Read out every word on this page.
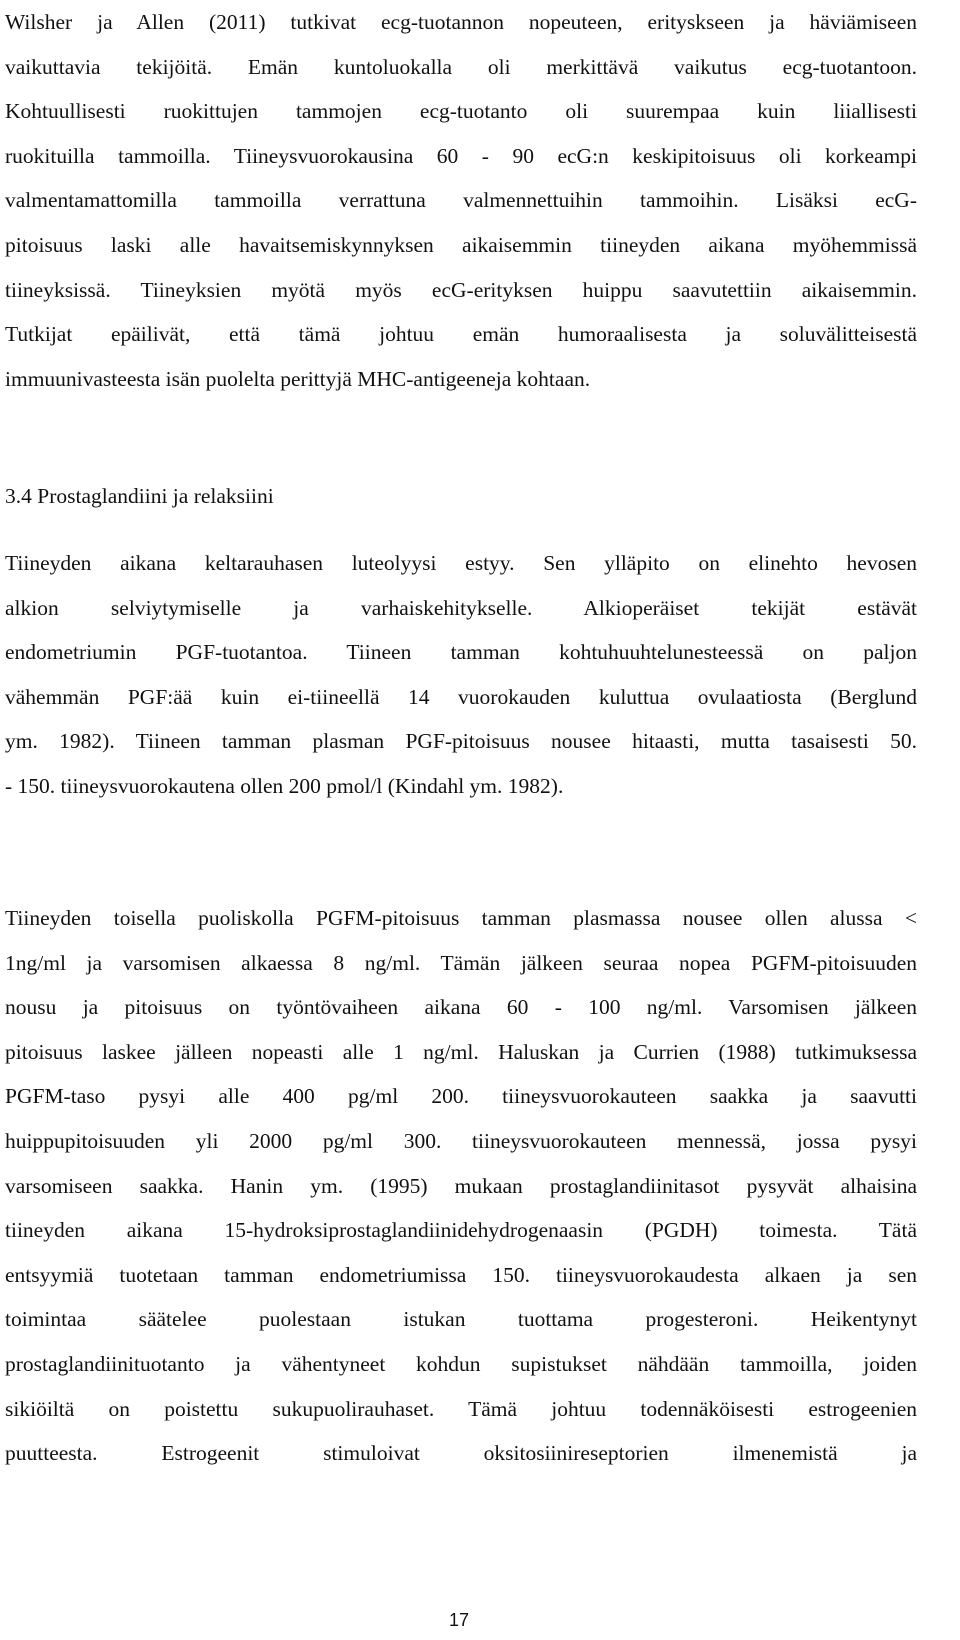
Wilsher ja Allen (2011) tutkivat ecg-tuotannon nopeuteen, erityskseen ja häviämiseen
vaikuttavia tekijöitä. Emän kuntoluokalla oli merkittävä vaikutus ecg-tuotantoon.
Kohtuullisesti ruokittujen tammojen ecg-tuotanto oli suurempaa kuin liiallisesti
ruokituilla tammoilla. Tiineysvuorokausina 60 - 90 ecG:n keskipitoisuus oli korkeampi
valmentamattomilla tammoilla verrattuna valmennettuihin tammoihin. Lisäksi ecG-
pitoisuus laski alle havaitsemiskynnyksen aikaisemmin tiineyden aikana myöhemmissä
tiineyksissä. Tiineyksien myötä myös ecG-erityksen huippu saavutettiin aikaisemmin.
Tutkijat epäilivät, että tämä johtuu emän humoraalisesta ja soluvälitteisestä
immuunivasteesta isän puolelta perittyjä MHC-antigeeneja kohtaan.
3.4 Prostaglandiini ja relaksiini
Tiineyden aikana keltarauhasen luteolyysi estyy. Sen ylläpito on elinehto hevosen
alkion selviytymiselle ja varhaiskehitykselle. Alkioperäiset tekijät estävät
endometriumin PGF-tuotantoa. Tiineen tamman kohtuhuuhtelunesteessä on paljon
vähemmän PGF:ää kuin ei-tiineellä 14 vuorokauden kuluttua ovulaatiosta (Berglund
ym. 1982). Tiineen tamman plasman PGF-pitoisuus nousee hitaasti, mutta tasaisesti 50.
- 150. tiineysvuorokautena ollen 200 pmol/l (Kindahl ym. 1982).
Tiineyden toisella puoliskolla PGFM-pitoisuus tamman plasmassa nousee ollen alussa <
1ng/ml ja varsomisen alkaessa 8 ng/ml. Tämän jälkeen seuraa nopea PGFM-pitoisuuden
nousu ja pitoisuus on työntövaiheen aikana 60 - 100 ng/ml. Varsomisen jälkeen
pitoisuus laskee jälleen nopeasti alle 1 ng/ml. Haluskan ja Currien (1988) tutkimuksessa
PGFM-taso pysyi alle 400 pg/ml 200. tiineysvuorokauteen saakka ja saavutti
huippupitoisuuden yli 2000 pg/ml 300. tiineysvuorokauteen mennessä, jossa pysyi
varsomiseen saakka. Hanin ym. (1995) mukaan prostaglandiinitasot pysyvät alhaisina
tiineyden aikana 15-hydroksiprostaglandiinidehydrogenaasin (PGDH) toimesta. Tätä
entsyymiä tuotetaan tamman endometriumissa 150. tiineysvuorokaudesta alkaen ja sen
toimintaa säätelee puolestaan istukan tuottama progesteroni. Heikentynyt
prostaglandiinituotanto ja vähentyneet kohdun supistukset nähdään tammoilla, joiden
sikiöiltä on poistettu sukupuolirauhaset. Tämä johtuu todennäköisesti estrogeenien
puutteesta. Estrogeenit stimuloivat oksitosiinireseptorien ilmenemistä ja
17
